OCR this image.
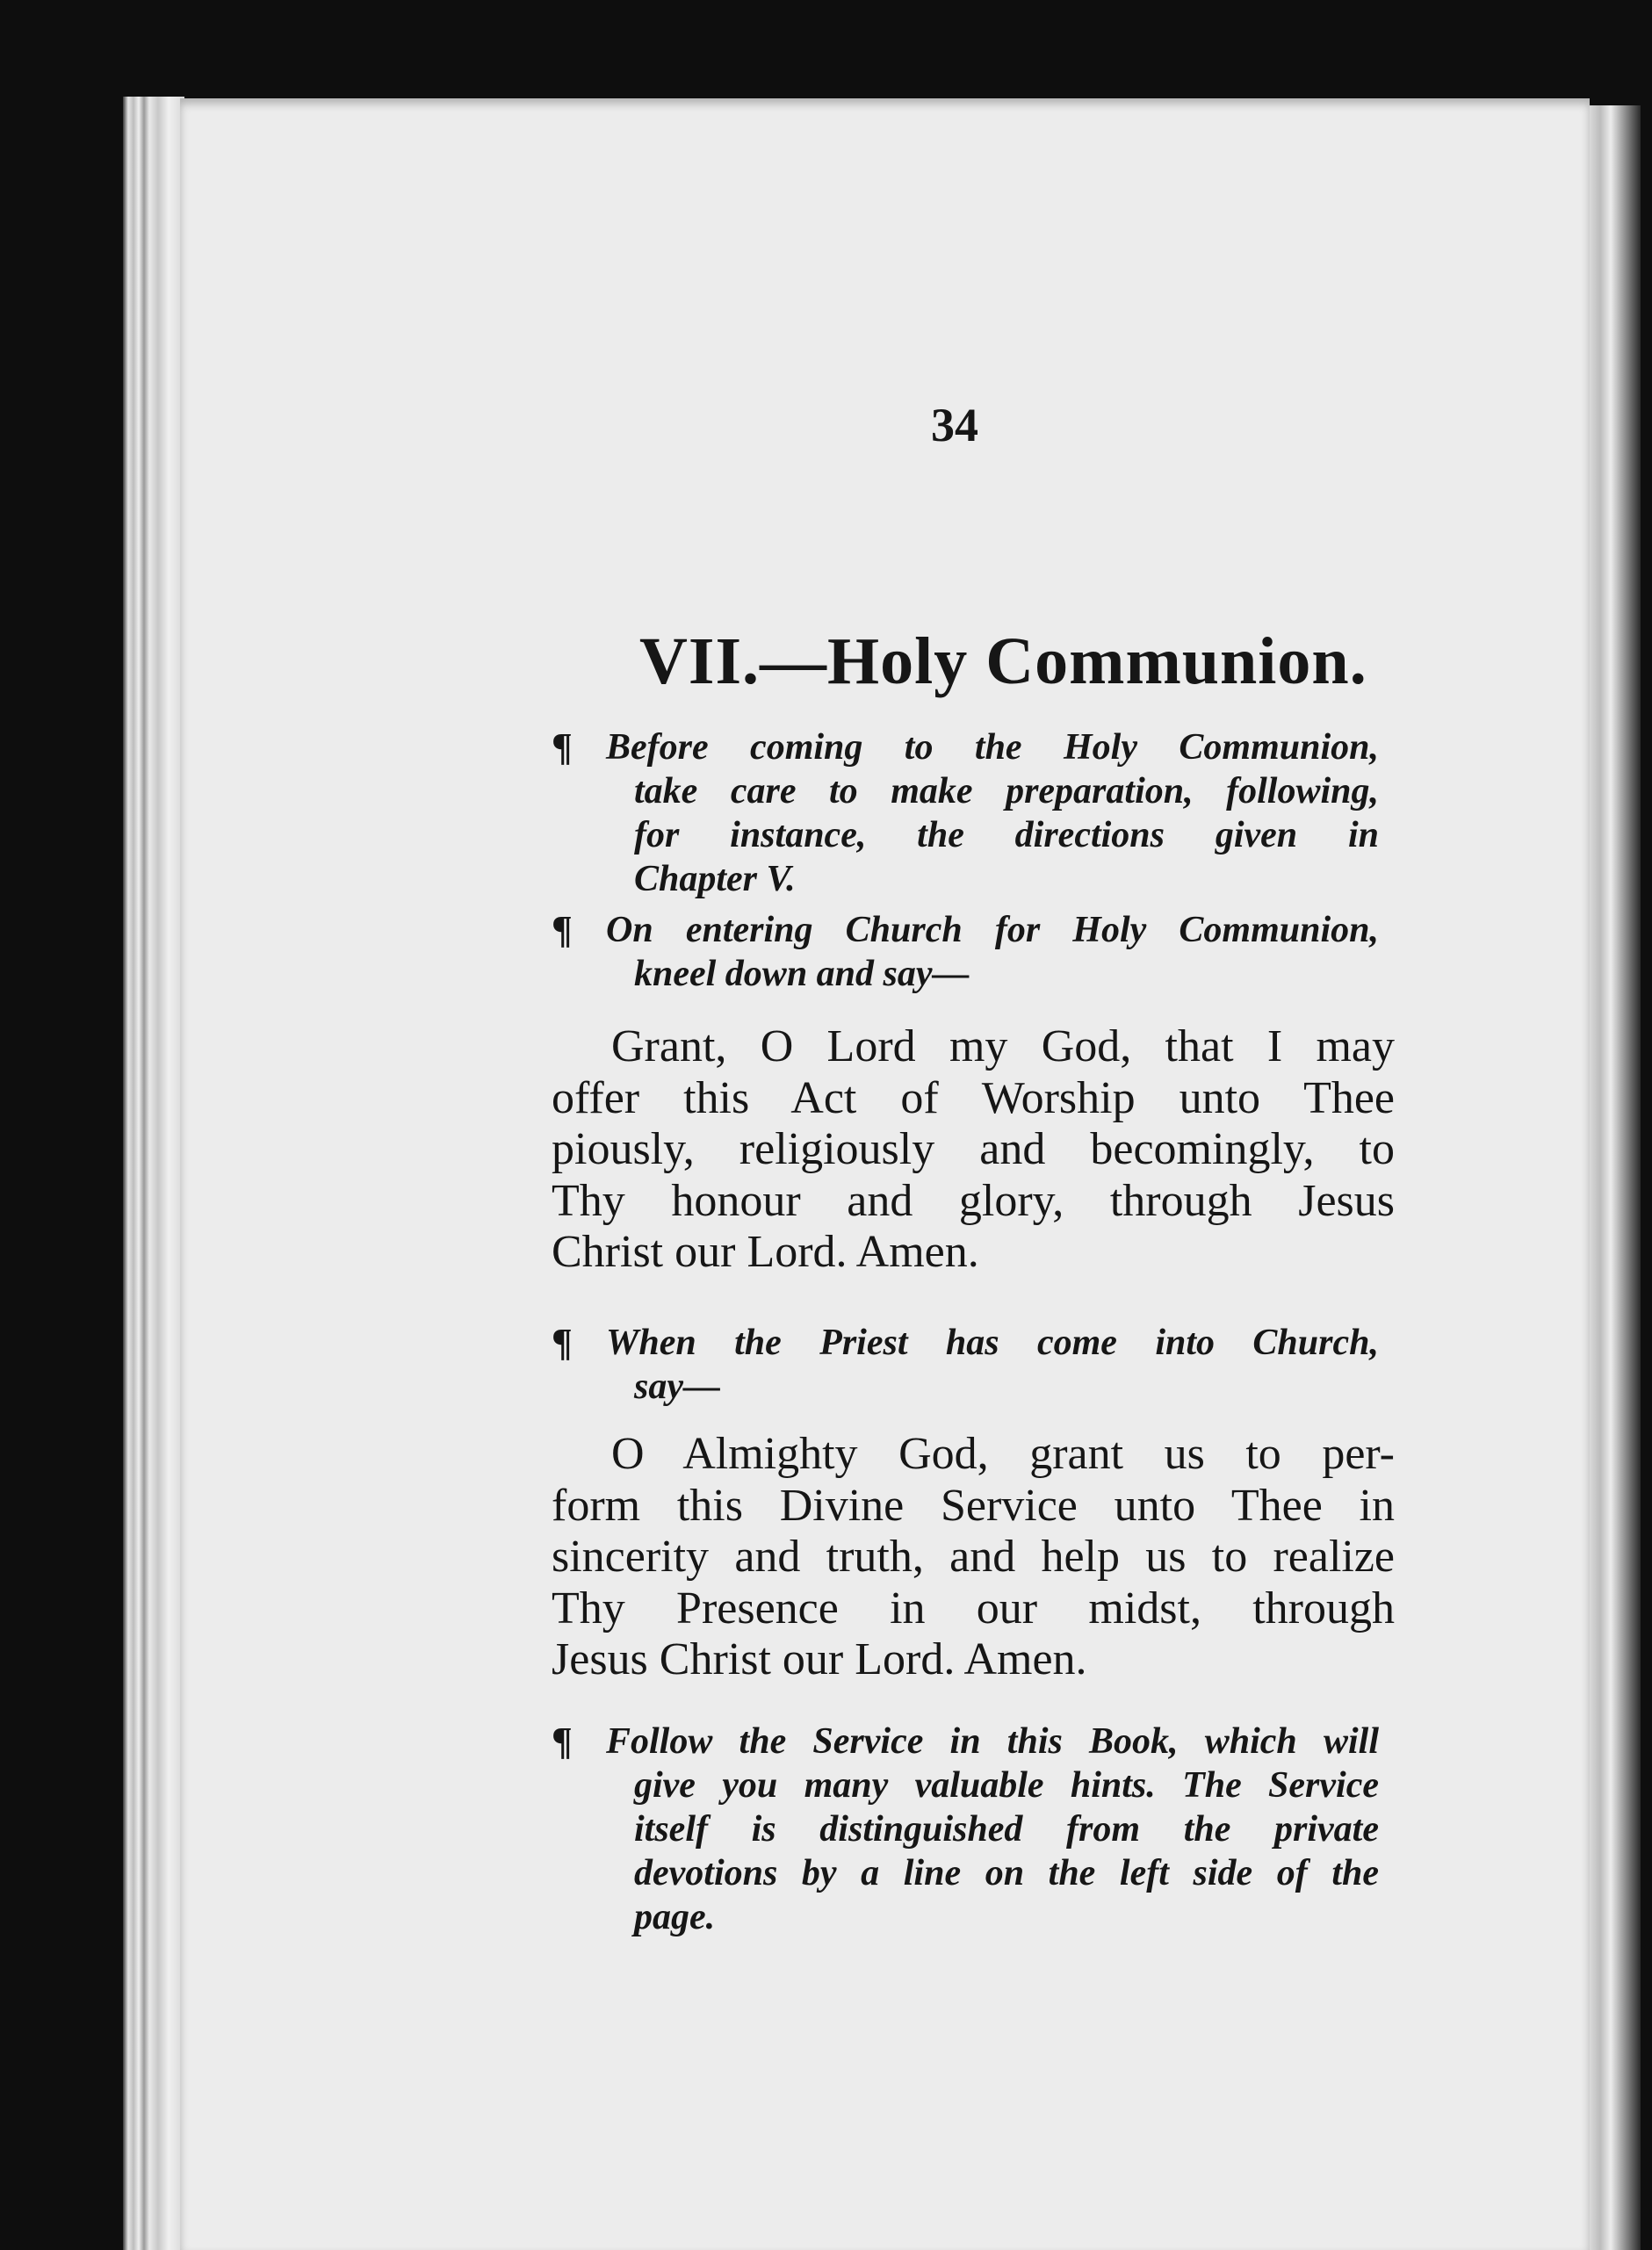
34
VII.—Holy Communion.
¶ Before coming to the Holy Communion,
take care to make preparation, following,
for instance, the directions given in
Chapter V.
¶ On entering Church for Holy Communion,
kneel down and say—
Grant, O Lord my God, that I may
offer this Act of Worship unto Thee
piously, religiously and becomingly, to
Thy honour and glory, through Jesus
Christ our Lord. Amen.
¶ When the Priest has come into Church,
say—
O Almighty God, grant us to per-
form this Divine Service unto Thee in
sincerity and truth, and help us to realize
Thy Presence in our midst, through
Jesus Christ our Lord. Amen.
¶ Follow the Service in this Book, which will
give you many valuable hints. The Service
itself is distinguished from the private
devotions by a line on the left side of the
page.
